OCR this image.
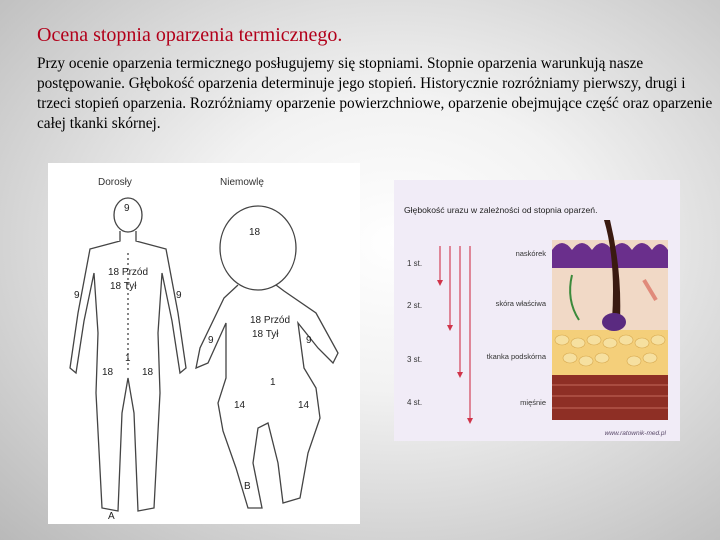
Ocena stopnia oparzenia termicznego.
Przy ocenie oparzenia termicznego posługujemy się stopniami. Stopnie oparzenia warunkują nasze postępowanie. Głębokość oparzenia determinuje jego stopień. Historycznie rozróżniamy pierwszy, drugi i trzeci stopień oparzenia. Rozróżniamy oparzenie powierzchniowe, oparzenie obejmujące część oraz oparzenie całej tkanki skórnej.
Dorosły	Niemowlę
9
9	9
18 Przód
18 Tył
1
18	18
A
18
9	9
18 Przód
18 Tył
1
14	14
B
Głębokość urazu w zależności od stopnia oparzeń.
1 st.
2 st.
3 st.
4 st.
naskórek
skóra właściwa
tkanka podskórna
mięśnie
www.ratownik-med.pl
